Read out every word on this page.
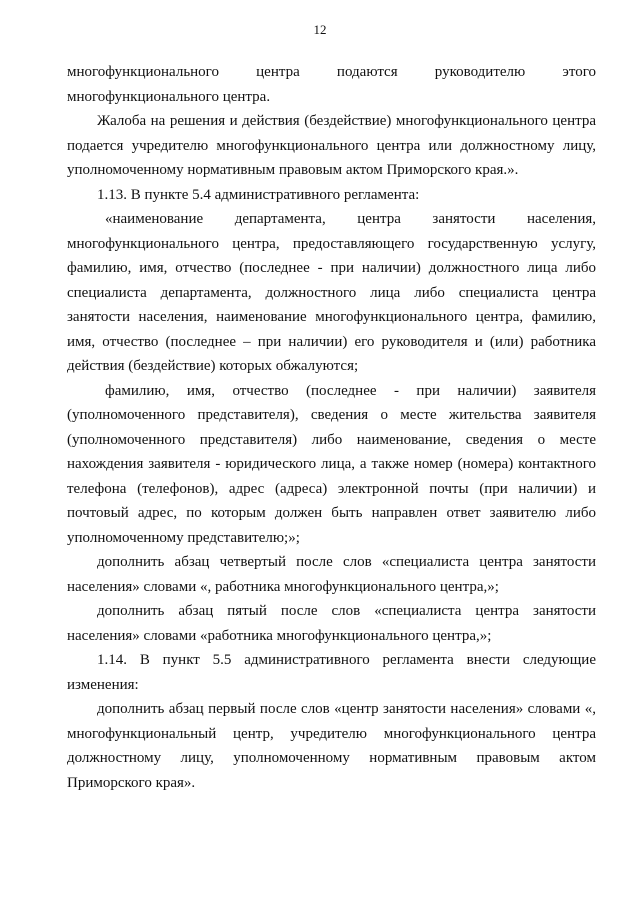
12

многофункционального центра подаются руководителю этого многофункционального центра.

Жалоба на решения и действия (бездействие) многофункционального центра подается учредителю многофункционального центра или должностному лицу, уполномоченному нормативным правовым актом Приморского края.».

1.13. В пункте 5.4 административного регламента:

«наименование департамента, центра занятости населения, многофункционального центра, предоставляющего государственную услугу, фамилию, имя, отчество (последнее - при наличии) должностного лица либо специалиста департамента, должностного лица либо специалиста центра занятости населения, наименование многофункционального центра, фамилию, имя, отчество (последнее – при наличии) его руководителя и (или) работника действия (бездействие) которых обжалуются;

фамилию, имя, отчество (последнее - при наличии) заявителя (уполномоченного представителя), сведения о месте жительства заявителя (уполномоченного представителя) либо наименование, сведения о месте нахождения заявителя - юридического лица, а также номер (номера) контактного телефона (телефонов), адрес (адреса) электронной почты (при наличии) и почтовый адрес, по которым должен быть направлен ответ заявителю либо уполномоченному представителю;»;

дополнить абзац четвертый после слов «специалиста центра занятости населения» словами «, работника многофункционального центра,»;

дополнить абзац пятый после слов «специалиста центра занятости населения» словами «работника многофункционального центра,»;

1.14. В пункт 5.5 административного регламента внести следующие изменения:

дополнить абзац первый после слов «центр занятости населения» словами «, многофункциональный центр, учредителю многофункционального центра должностному лицу, уполномоченному нормативным правовым актом Приморского края».
